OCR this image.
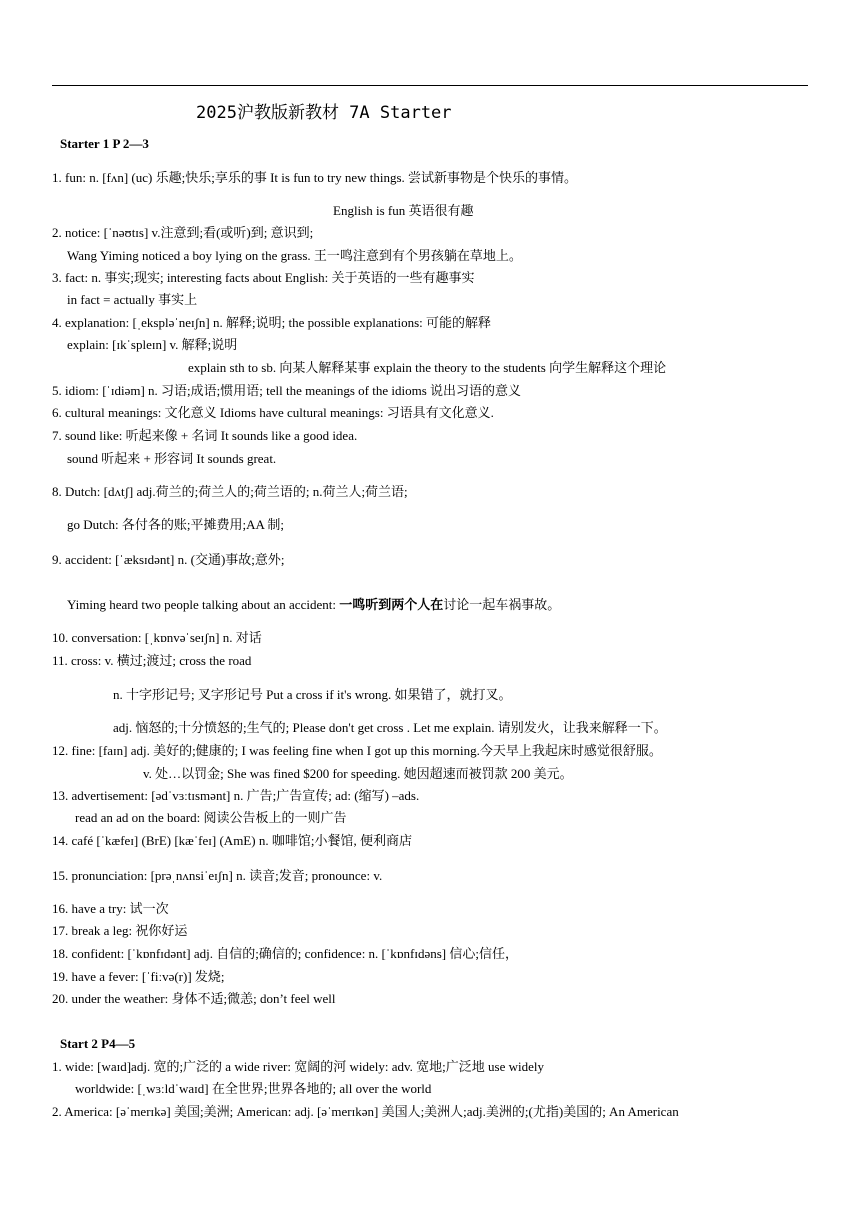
2025沪教版新教材 7A Starter
Starter 1 P 2—3
1. fun: n. [fʌn] (uc) 乐趣;快乐;享乐的事 It is fun to try new things. 尝试新事物是个快乐的事情。
English is fun 英语很有趣
2. notice: [ˈnəʊtɪs] v.注意到;看(或听)到; 意识到;
Wang Yiming noticed a boy lying on the grass. 王一鸣注意到有个男孩躺在草地上。
3. fact: n. 事实;现实; interesting facts about English: 关于英语的一些有趣事实
in fact = actually 事实上
4. explanation: [ˌekspləˈneɪʃn] n. 解释;说明; the possible explanations: 可能的解释
explain: [ɪkˈspleɪn] v. 解释;说明
explain sth to sb. 向某人解释某事 explain the theory to the students 向学生解释这个理论
5. idiom: [ˈɪdiəm] n. 习语;成语;惯用语; tell the meanings of the idioms 说出习语的意义
6. cultural meanings: 文化意义 Idioms have cultural meanings: 习语具有文化意义.
7. sound like: 听起来像 + 名词 It sounds like a good idea.
sound 听起来 + 形容词 It sounds great.
8. Dutch: [dʌtʃ] adj.荷兰的;荷兰人的;荷兰语的; n.荷兰人;荷兰语;
go Dutch: 各付各的账;平摊费用;AA 制;
9. accident: [ˈæksɪdənt] n. (交通)事故;意外;
Yiming heard two people talking about an accident: 一鸣听到两个人在讨论一起车祸事故。
10. conversation: [ˌkɒnvəˈseɪʃn] n. 对话
11. cross: v. 横过;渡过; cross the road
n. 十字形记号; 叉字形记号 Put a cross if it's wrong. 如果错了，就打叉。
adj. 恼怒的;十分愤怒的;生气的; Please don't get cross . Let me explain. 请别发火，让我来解释一下。
12. fine: [faɪn] adj. 美好的;健康的; I was feeling fine when I got up this morning.今天早上我起床时感觉很舒服。
v. 处…以罚金; She was fined $200 for speeding. 她因超速而被罚款 200 美元。
13. advertisement: [ədˈvɜːtɪsmənt] n. 广告;广告宣传; ad: (缩写) –ads.
read an ad on the board: 阅读公告板上的一则广告
14. café [ˈkæfeɪ] (BrE) [kæˈfeɪ] (AmE) n. 咖啡馆;小餐馆, 便利商店
15. pronunciation: [prəˌnʌnsiˈeɪʃn] n. 读音;发音; pronounce: v.
16. have a try: 试一次
17. break a leg: 祝你好运
18. confident: [ˈkɒnfɪdənt] adj. 自信的;确信的; confidence: n. [ˈkɒnfɪdəns] 信心;信任，
19. have a fever: [ˈfiːvə(r)] 发烧;
20. under the weather: 身体不适;微恙; don’t feel well
Start 2 P4—5
1. wide: [waɪd]adj. 宽的;广泛的 a wide river: 宽阔的河 widely: adv. 宽地;广泛地 use widely
worldwide: [ˌwɜːldˈwaɪd] 在全世界;世界各地的; all over the world
2. America: [əˈmerɪkə] 美国;美洲; American: adj. [əˈmerɪkən] 美国人;美洲人;adj.美洲的;(尤指)美国的; An American
